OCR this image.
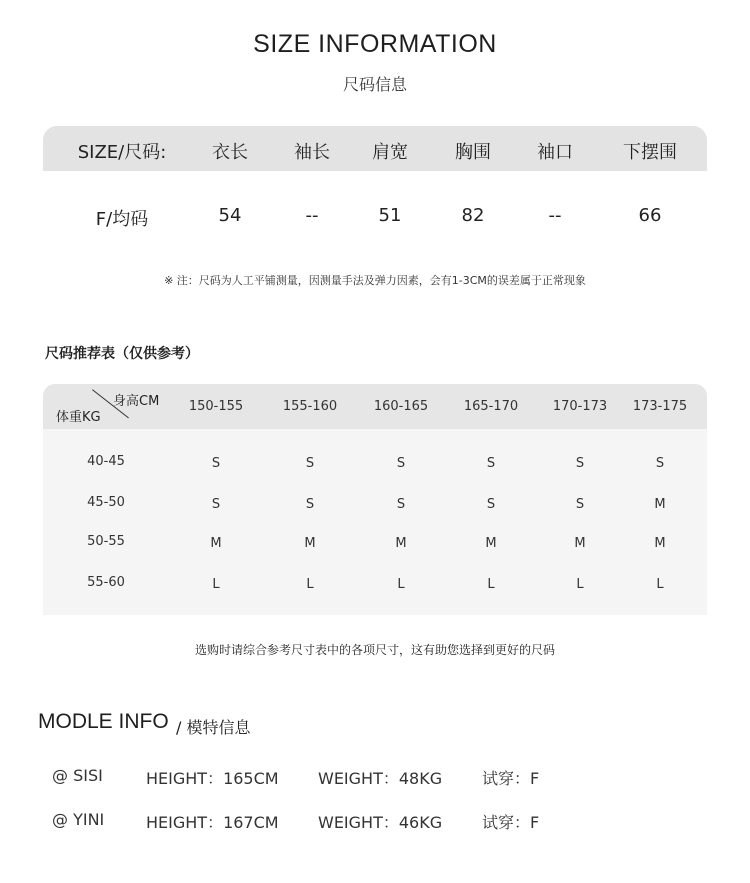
SIZE INFORMATION
尺码信息
SIZE/尺码:	衣长	袖长 肩宽	胸围	袖口	下摆围
F/均码	54	--	51	82	--	66
※ 注：尺码为人工平铺测量，因测量手法及弹力因素，会有1-3CM的误差属于正常现象
尺码推荐表（仅供参考）
身高CM
体重KG
150-155	155-160	160-165	165-170	170-173 173-175
40-45	S	S	S	S	S	S
45-50	S	S	S	S	S	M
50-55	M	M	M	M	M	M
55-60	L	L	L	L	L	L
选购时请综合参考尺寸表中的各项尺寸，这有助您选择到更好的尺码
MODLE INFO / 模特信息
@ SISI	HEIGHT：165CM WEIGHT：48KG 试穿：F
@ YINI	HEIGHT：167CM WEIGHT：46KG 试穿：F
